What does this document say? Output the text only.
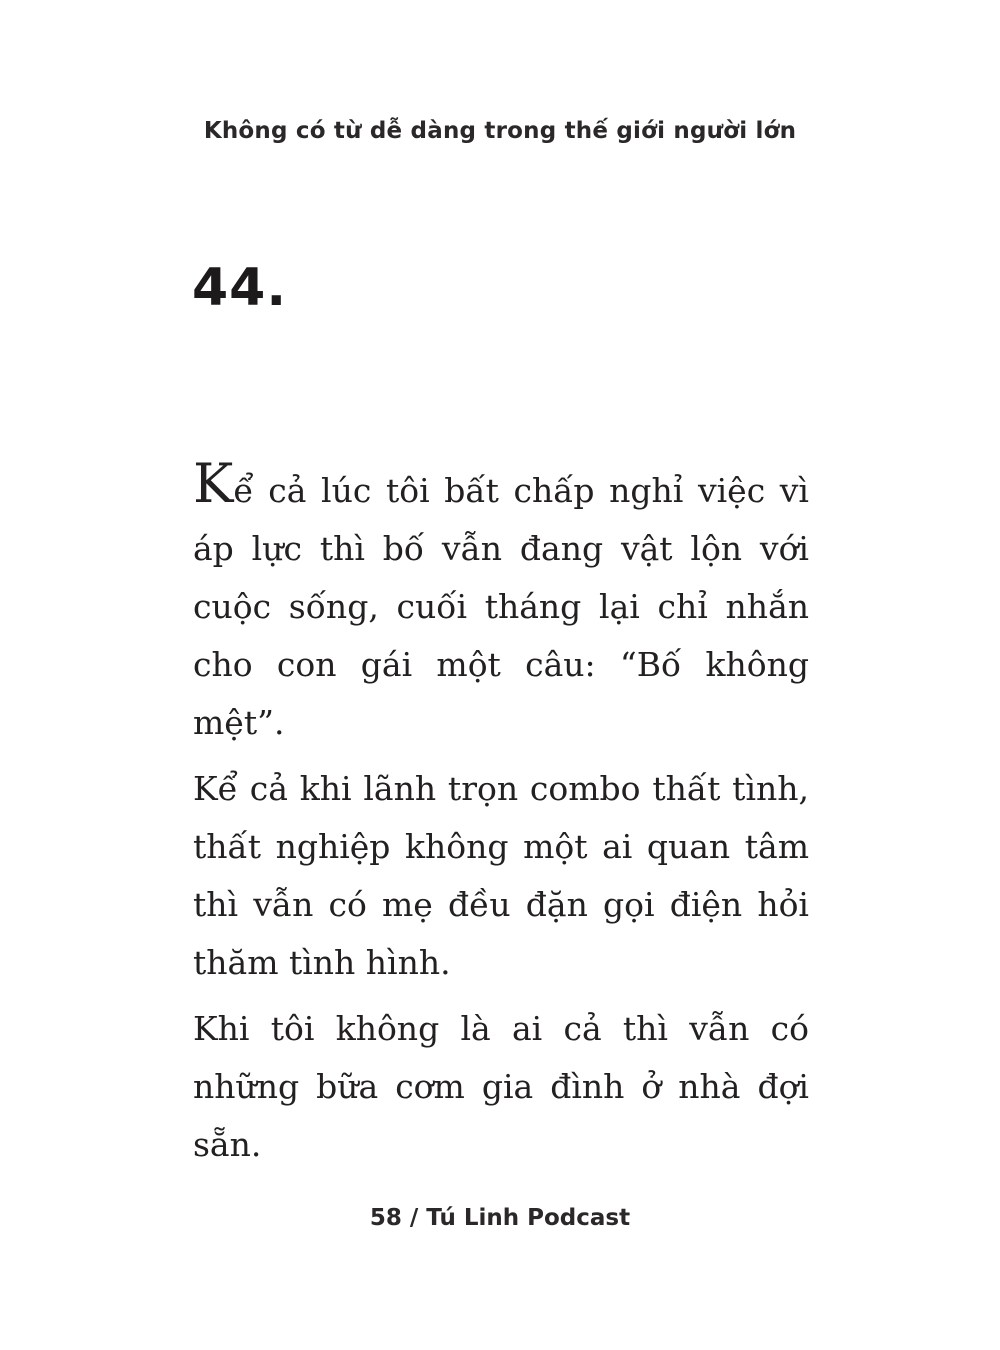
Không có từ dễ dàng trong thế giới người lớn
44.

Kể cả lúc tôi bất chấp nghỉ việc vì áp lực thì bố vẫn đang vật lộn với cuộc sống, cuối tháng lại chỉ nhắn cho con gái một câu: “Bố không mệt”.

Kể cả khi lãnh trọn combo thất tình, thất nghiệp không một ai quan tâm thì vẫn có mẹ đều đặn gọi điện hỏi thăm tình hình.

Khi tôi không là ai cả thì vẫn có những bữa cơm gia đình ở nhà đợi sẵn.

58 / Tú Linh Podcast
